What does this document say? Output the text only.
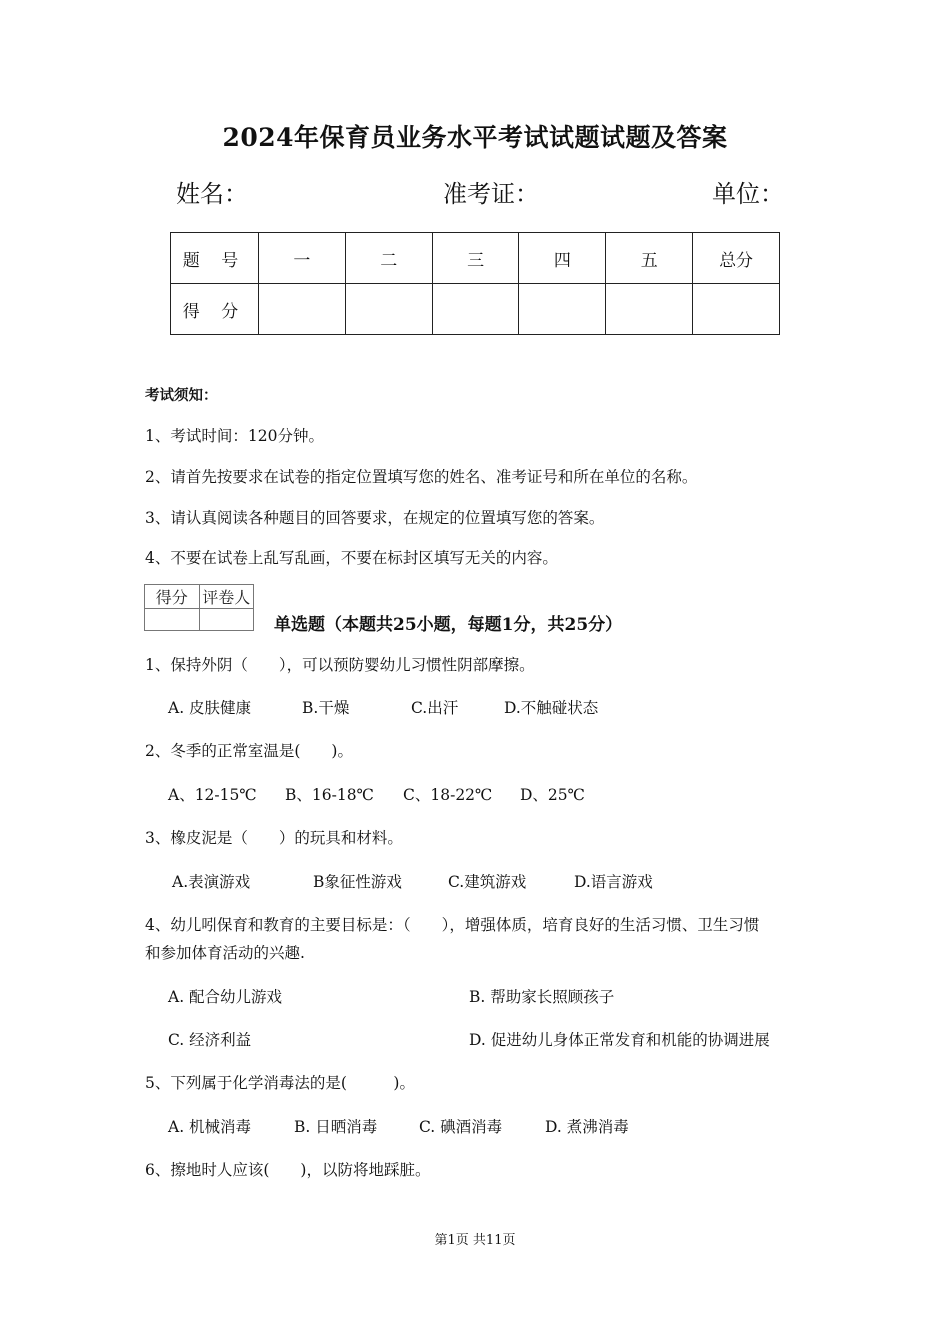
2024年保育员业务水平考试试题试题及答案
姓名：	准考证：	单位：
题 号	一	二	三	四	五	总分
得 分						
考试须知：
1、考试时间：120分钟。
2、请首先按要求在试卷的指定位置填写您的姓名、准考证号和所在单位的名称。
3、请认真阅读各种题目的回答要求，在规定的位置填写您的答案。
4、不要在试卷上乱写乱画，不要在标封区填写无关的内容。
得分	评卷人

单选题（本题共25小题，每题1分，共25分）
1、保持外阴（　　），可以预防婴幼儿习惯性阴部摩擦。
A. 皮肤健康	B.干燥	C.出汗	D.不触碰状态
2、冬季的正常室温是(　　)。
A、12-15℃ B、16-18℃ C、18-22℃ D、25℃
3、橡皮泥是（　　）的玩具和材料。
A.表演游戏	B象征性游戏	C.建筑游戏	D.语言游戏
4、幼儿吲保育和教育的主要目标是：（　　），增强体质，培育良好的生活习惯、卫生习惯
和参加体育活动的兴趣.
A. 配合幼儿游戏	B. 帮助家长照顾孩子
C. 经济利益	D. 促进幼儿身体正常发育和机能的协调进展
5、下列属于化学消毒法的是(　　　)。
A. 机械消毒	B. 日晒消毒	C. 碘酒消毒	D. 煮沸消毒
6、擦地时人应该(　　)，以防将地踩脏。
第1页 共11页
